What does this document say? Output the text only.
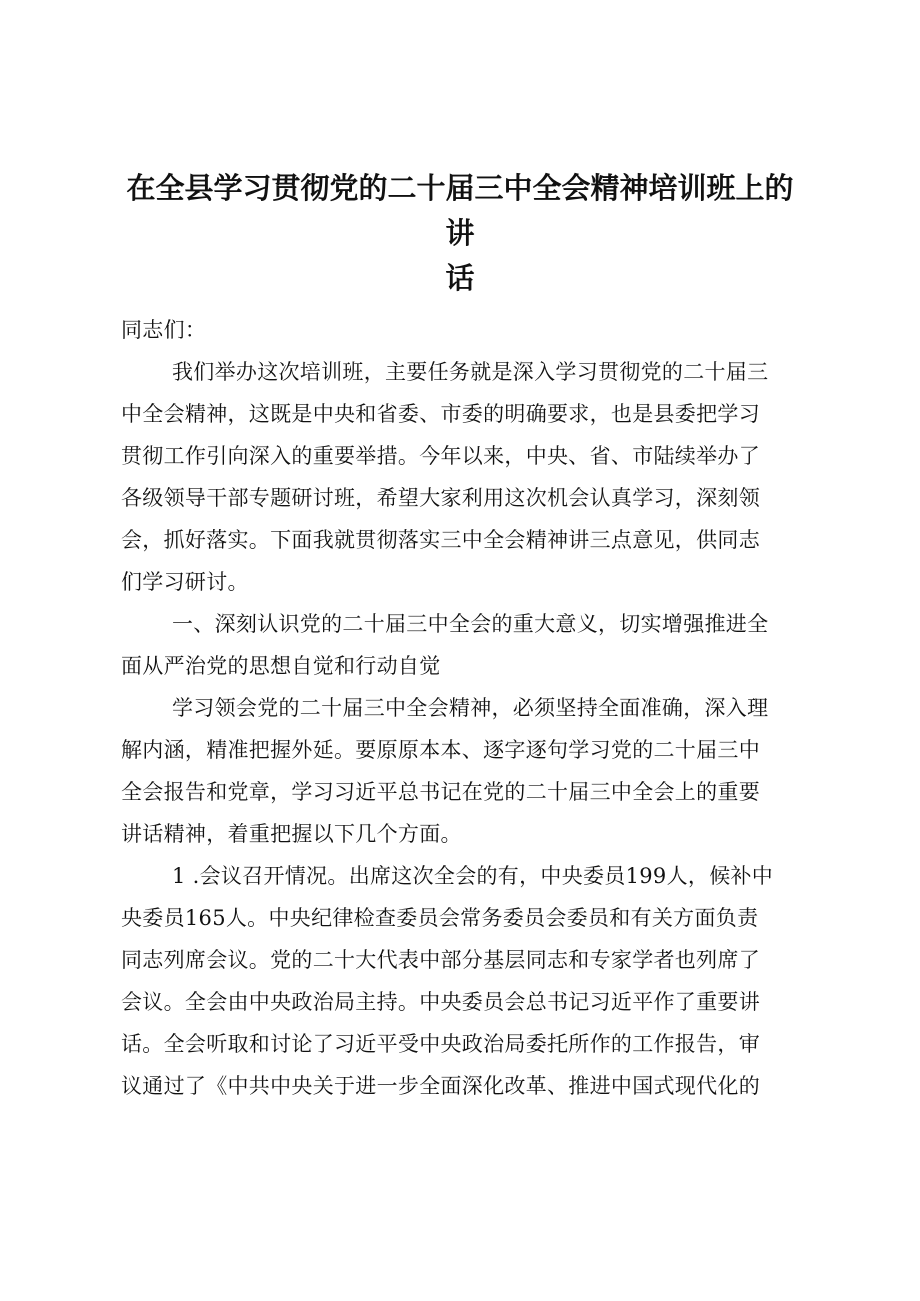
在全县学习贯彻党的二十届三中全会精神培训班上的讲
话
同志们：
我们举办这次培训班，主要任务就是深入学习贯彻党的二十届三
中全会精神，这既是中央和省委、市委的明确要求，也是县委把学习
贯彻工作引向深入的重要举措。今年以来，中央、省、市陆续举办了
各级领导干部专题研讨班，希望大家利用这次机会认真学习，深刻领
会，抓好落实。下面我就贯彻落实三中全会精神讲三点意见，供同志
们学习研讨。
一、深刻认识党的二十届三中全会的重大意义，切实增强推进全
面从严治党的思想自觉和行动自觉
学习领会党的二十届三中全会精神，必须坚持全面准确，深入理
解内涵，精准把握外延。要原原本本、逐字逐句学习党的二十届三中
全会报告和党章，学习习近平总书记在党的二十届三中全会上的重要
讲话精神，着重把握以下几个方面。
1 .会议召开情况。出席这次全会的有，中央委员199人，候补中
央委员165人。中央纪律检查委员会常务委员会委员和有关方面负责
同志列席会议。党的二十大代表中部分基层同志和专家学者也列席了
会议。全会由中央政治局主持。中央委员会总书记习近平作了重要讲
话。全会听取和讨论了习近平受中央政治局委托所作的工作报告，审
议通过了《中共中央关于进一步全面深化改革、推进中国式现代化的
